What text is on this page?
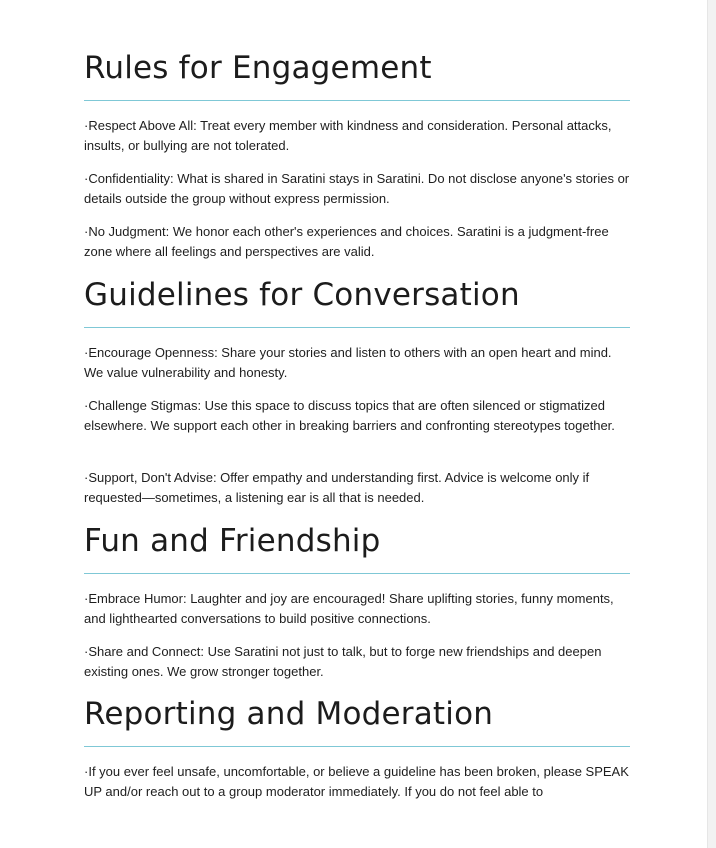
Rules for Engagement

·Respect Above All: Treat every member with kindness and consideration. Personal attacks, insults, or bullying are not tolerated.

·Confidentiality: What is shared in Saratini stays in Saratini. Do not disclose anyone's stories or details outside the group without express permission.

·No Judgment: We honor each other's experiences and choices. Saratini is a judgment-free zone where all feelings and perspectives are valid.

Guidelines for Conversation

·Encourage Openness: Share your stories and listen to others with an open heart and mind. We value vulnerability and honesty.

·Challenge Stigmas: Use this space to discuss topics that are often silenced or stigmatized elsewhere. We support each other in breaking barriers and confronting stereotypes together.

·Support, Don't Advise: Offer empathy and understanding first. Advice is welcome only if requested—sometimes, a listening ear is all that is needed.

Fun and Friendship

·Embrace Humor: Laughter and joy are encouraged! Share uplifting stories, funny moments, and lighthearted conversations to build positive connections.

·Share and Connect: Use Saratini not just to talk, but to forge new friendships and deepen existing ones. We grow stronger together.

Reporting and Moderation

·If you ever feel unsafe, uncomfortable, or believe a guideline has been broken, please SPEAK UP and/or reach out to a group moderator immediately. If you do not feel able to
